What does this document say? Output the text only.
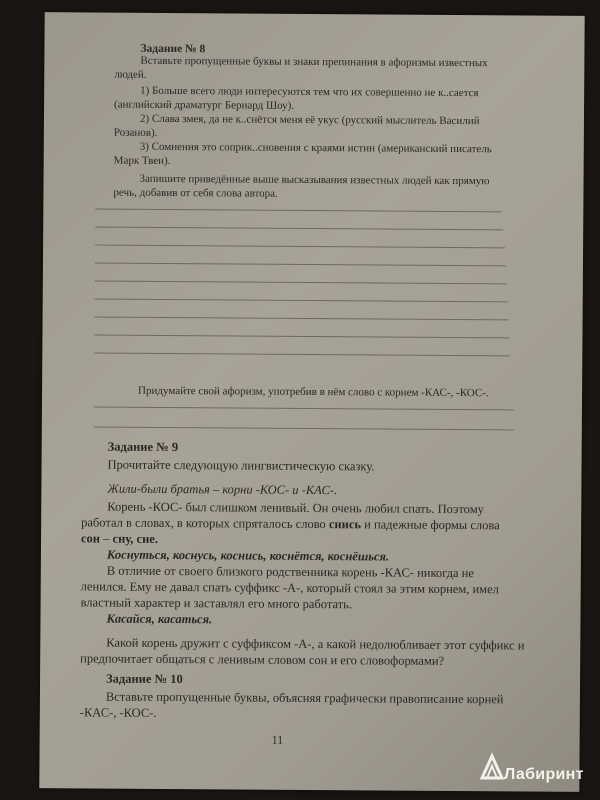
Задание № 8
Вставьте пропущенные буквы и знаки препинания в афоризмы известных людей.
1) Больше всего люди интересуются тем что их совершенно не к..сается (английский драматург Бернард Шоу).
2) Слава змея, да не к..снётся меня её укус (русский мыслитель Василий Розанов).
3) Сомнения это соприк..сновения с краями истин (американский писатель Марк Твен).
Запишите приведённые выше высказывания известных людей как прямую речь, добавив от себя слова автора.
Придумайте свой афоризм, употребив в нём слово с корнем -КАС-, -КОС-.
Задание № 9
Прочитайте следующую лингвистическую сказку.
Жили-были братья – корни -КОС- и -КАС-.
Корень -КОС- был слишком ленивый. Он очень любил спать. Поэтому работал в словах, в которых спряталось слово снись и падежные формы слова сон – сну, сне.
Коснуться, коснусь, коснись, коснётся, коснёшься.
В отличие от своего близкого родственника корень -КАС- никогда не ленился. Ему не давал спать суффикс -А-, который стоял за этим корнем, имел властный характер и заставлял его много работать.
Касайся, касаться.
Какой корень дружит с суффиксом -А-, а какой недолюбливает этот суффикс и предпочитает общаться с ленивым словом сон и его словоформами?
Задание № 10
Вставьте пропущенные буквы, объясняя графически правописание корней -КАС-, -КОС-.
11
Лабиринт
